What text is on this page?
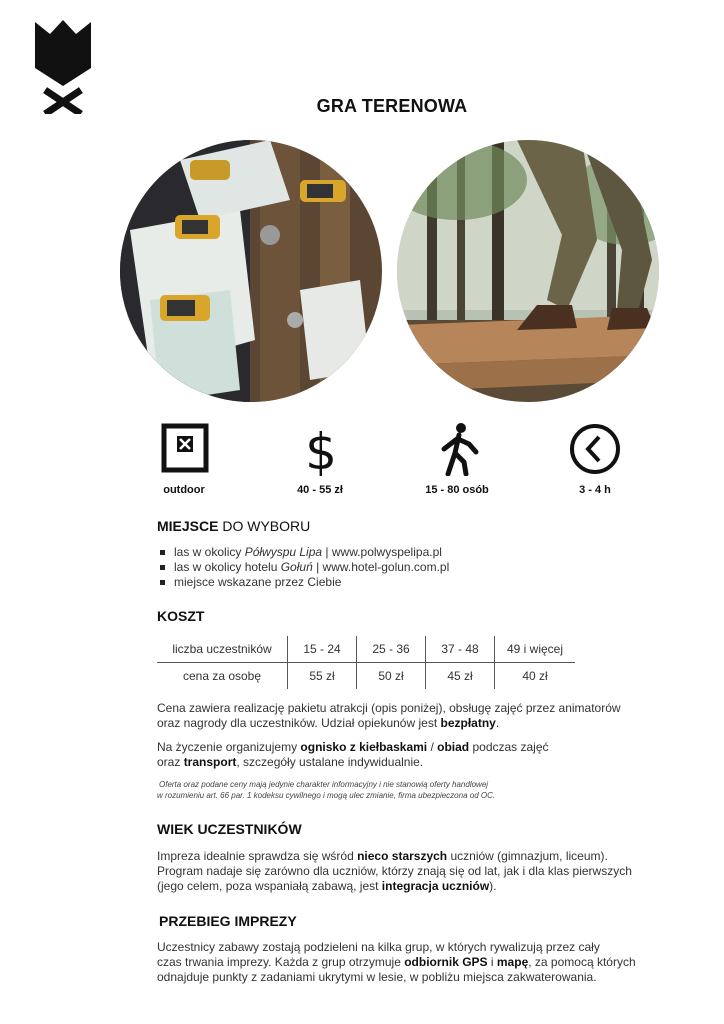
GRA TERENOWA
$
outdoor	40 - 55 zł	15 - 80 osób	3 - 4 h
MIEJSCE DO WYBORU
las w okolicy Półwyspu Lipa | www.polwyspelipa.pl
las w okolicy hotelu Gołuń | www.hotel-golun.com.pl
miejsce wskazane przez Ciebie
KOSZT
liczba uczestników	15 - 24	25 - 36	37 - 48	49 i więcej
cena za osobę	55 zł	50 zł	45 zł	40 zł
Cena zawiera realizację pakietu atrakcji (opis poniżej), obsługę zajęć przez animatorów
oraz nagrody dla uczestników. Udział opiekunów jest bezpłatny.
Na życzenie organizujemy ognisko z kiełbaskami / obiad podczas zajęć
oraz transport, szczegóły ustalane indywidualnie.
Oferta oraz podane ceny mają jedynie charakter informacyjny i nie stanowią oferty handlowej
w rozumieniu art. 66 par. 1 kodeksu cywilnego i mogą ulec zmianie, firma ubezpieczona od OC.
WIEK UCZESTNIKÓW
Impreza idealnie sprawdza się wśród nieco starszych uczniów (gimnazjum, liceum).
Program nadaje się zarówno dla uczniów, którzy znają się od lat, jak i dla klas pierwszych
(jego celem, poza wspaniałą zabawą, jest integracja uczniów).
PRZEBIEG IMPREZY
Uczestnicy zabawy zostają podzieleni na kilka grup, w których rywalizują przez cały
czas trwania imprezy. Każda z grup otrzymuje odbiornik GPS i mapę, za pomocą których
odnajduje punkty z zadaniami ukrytymi w lesie, w pobliżu miejsca zakwaterowania.
